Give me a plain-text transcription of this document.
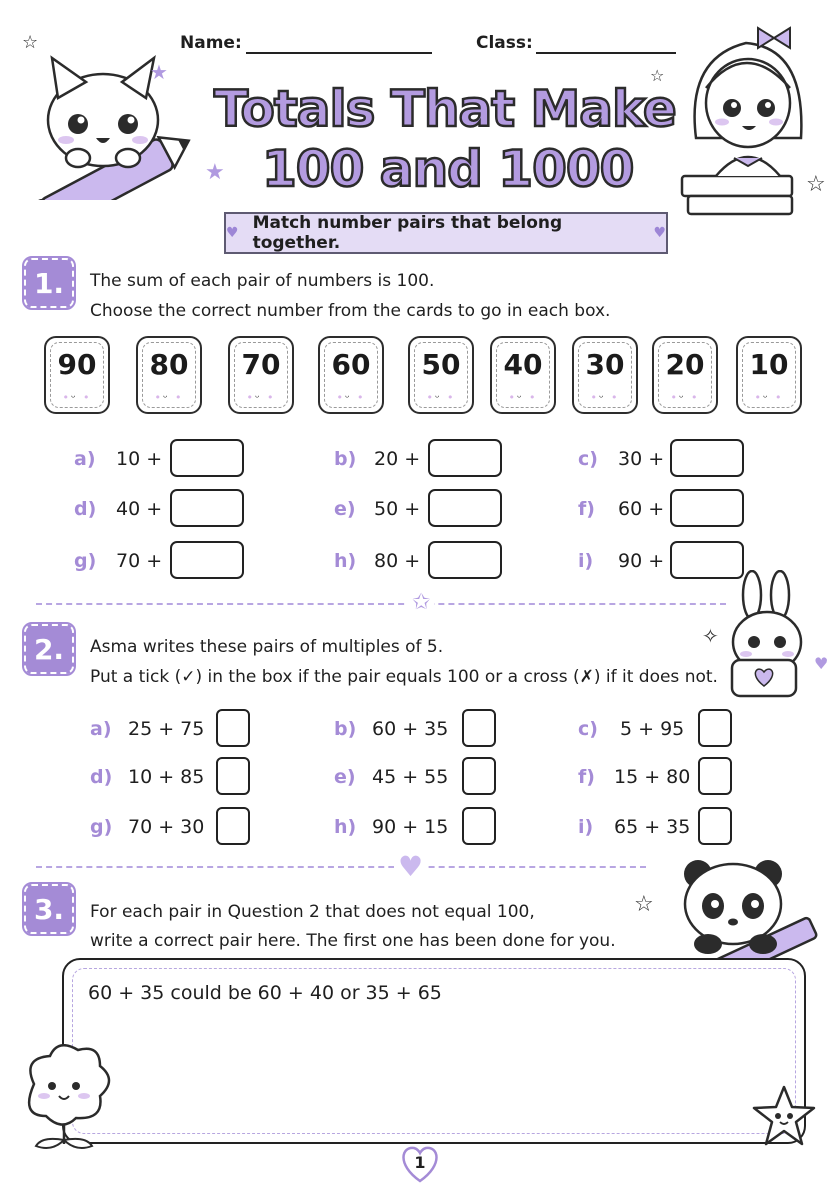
Name:	Class:
☆
★
★
Totals That Make
100 and 1000
☆
☆
♥ Match number pairs that belong together.	♥
1.	The sum of each pair of numbers is 100.
Choose the correct number from the cards to go in each box.
90
•ᵕ •
80
•ᵕ •
70
•ᵕ •
60
•ᵕ •
50
•ᵕ •
40
•ᵕ •
30
•ᵕ •
20
•ᵕ •
10
•ᵕ •
a) 10 +	b) 20 +	c) 30 +
d) 40 +	e) 50 +	f) 60 +
g) 70 +	h) 80 +	i) 90 +
✩
✧
♥
2.	Asma writes these pairs of multiples of 5.
Put a tick (✓) in the box if the pair equals 100 or a cross (✗) if it does not.
a) 25 + 75	b) 60 + 35	c) 5 + 95
d) 10 + 85	e) 45 + 55	f) 15 + 80
g) 70 + 30	h) 90 + 15	i) 65 + 35
♥
☆
3.	For each pair in Question 2 that does not equal 100,
write a correct pair here. The first one has been done for you.
60 + 35 could be 60 + 40 or 35 + 65
1
